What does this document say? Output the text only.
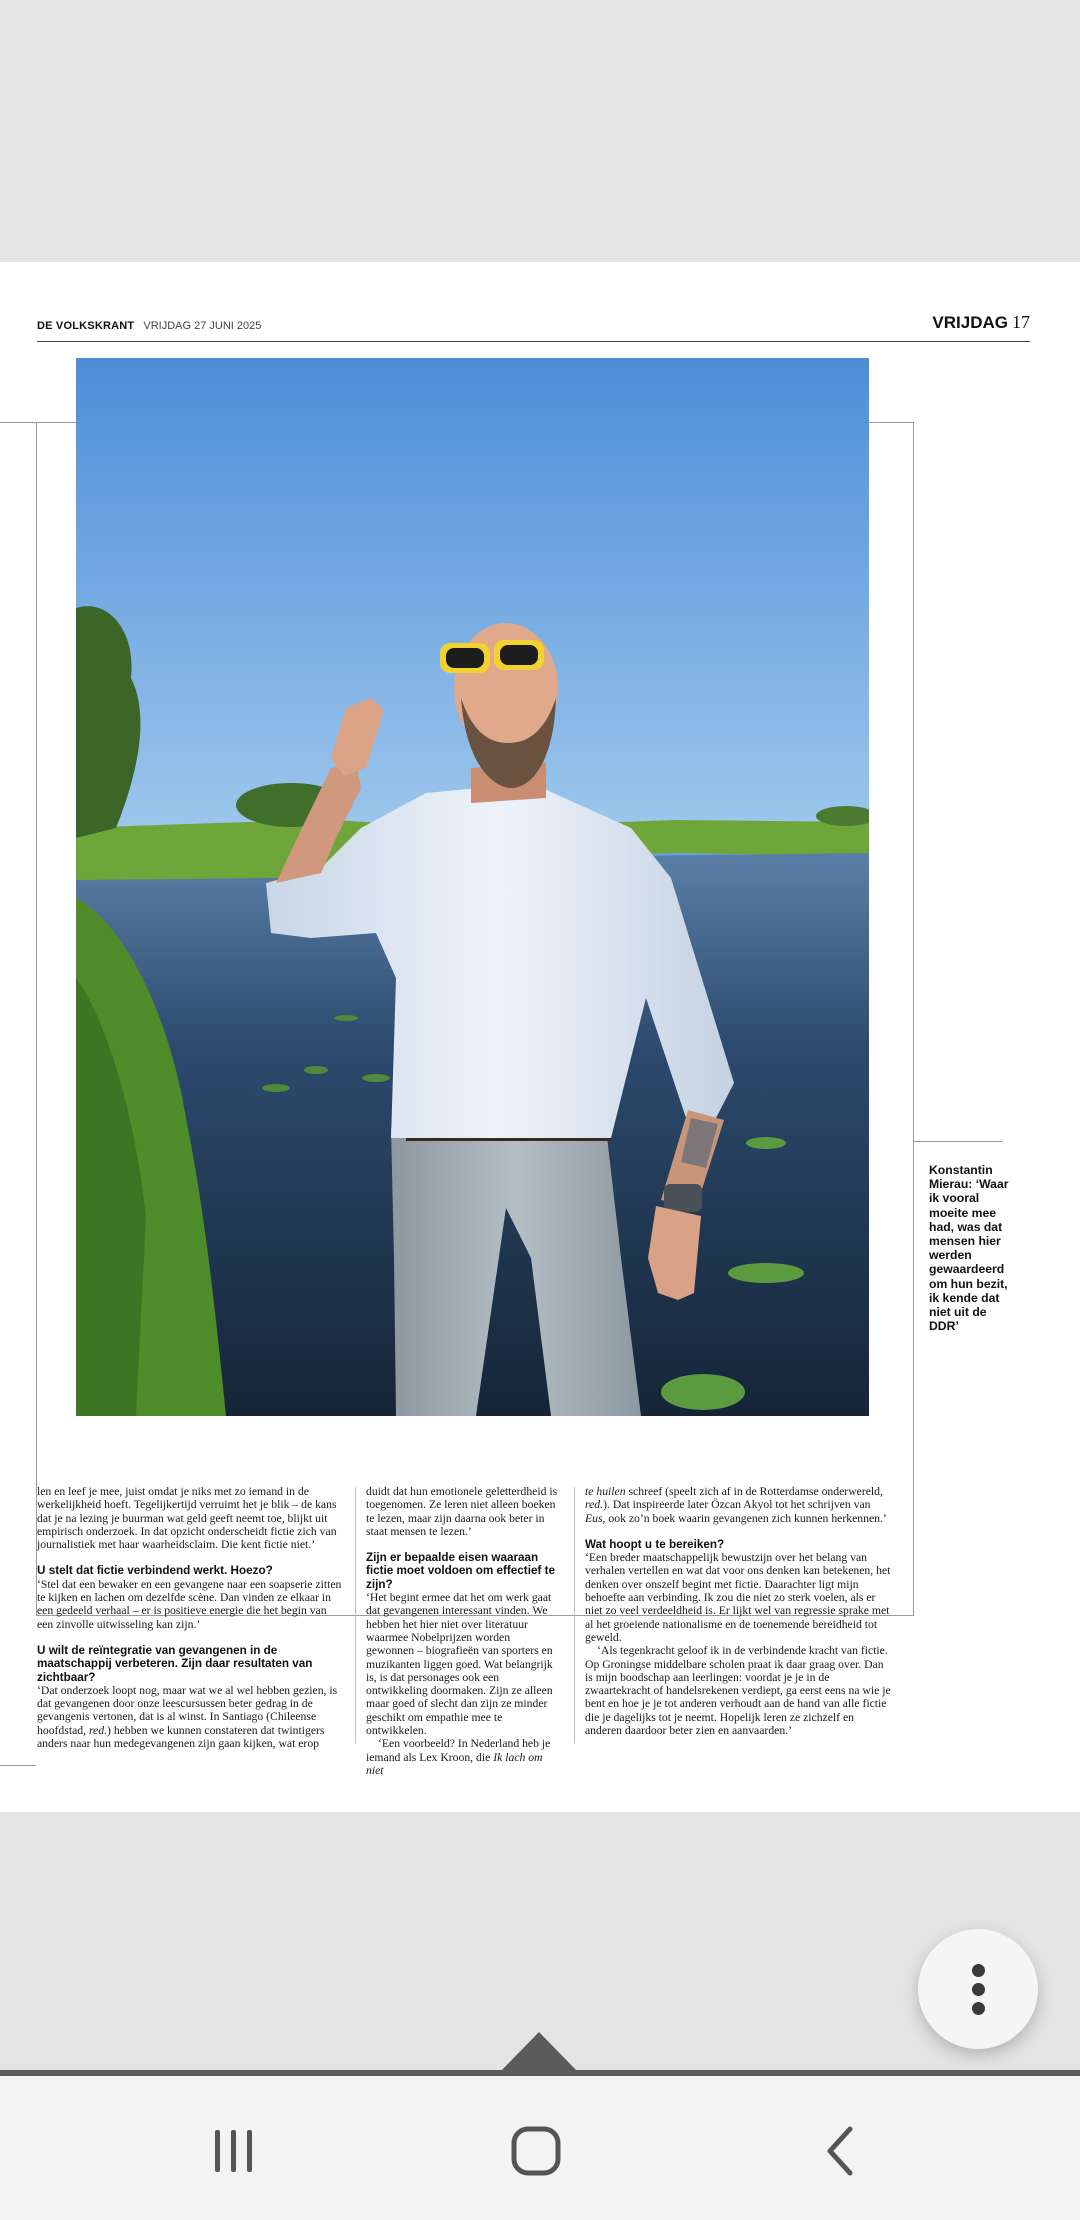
DE VOLKSKRANT VRIJDAG 27 JUNI 2025	VRIJDAG 17
Konstantin Mierau: ‘Waar ik vooral moeite mee had, was dat mensen hier werden gewaardeerd om hun bezit, ik kende dat niet uit de DDR’

len en leef je mee, juist omdat je niks met zo iemand in de werkelijkheid hoeft. Tegelijkertijd verruimt het je blik – de kans dat je na lezing je buurman wat geld geeft neemt toe, blijkt uit empirisch onderzoek. In dat opzicht onderscheidt fictie zich van journalistiek met haar waarheidsclaim. Die kent fictie niet.’

U stelt dat fictie verbindend werkt. Hoezo?

‘Stel dat een bewaker en een gevangene naar een soapserie zitten te kijken en lachen om dezelfde scène. Dan vinden ze elkaar in een gedeeld verhaal – er is positieve energie die het begin van een zinvolle uitwisseling kan zijn.’

U wilt de reïntegratie van gevangenen in de maatschappij verbeteren. Zijn daar resultaten van zichtbaar?

‘Dat onderzoek loopt nog, maar wat we al wel hebben gezien, is dat gevangenen door onze leescursussen beter gedrag in de gevangenis vertonen, dat is al winst. In Santiago (Chileense hoofdstad, red.) hebben we kunnen constateren dat twintigers anders naar hun medegevangenen zijn gaan kijken, wat erop

duidt dat hun emotionele geletterdheid is toegenomen. Ze leren niet alleen boeken te lezen, maar zijn daarna ook beter in staat mensen te lezen.’

Zijn er bepaalde eisen waaraan fictie moet voldoen om effectief te zijn?

‘Het begint ermee dat het om werk gaat dat gevangenen interessant vinden. We hebben het hier niet over literatuur waarmee Nobelprijzen worden gewonnen – biografieën van sporters en muzikanten liggen goed. Wat belangrijk is, is dat personages ook een ontwikkeling doormaken. Zijn ze alleen maar goed of slecht dan zijn ze minder geschikt om empathie mee te ontwikkelen.

‘Een voorbeeld? In Nederland heb je iemand als Lex Kroon, die Ik lach om niet

te huilen schreef (speelt zich af in de Rotterdamse onderwereld, red.). Dat inspireerde later Özcan Akyol tot het schrijven van Eus, ook zo’n boek waarin gevangenen zich kunnen herkennen.’

Wat hoopt u te bereiken?

‘Een breder maatschappelijk bewustzijn over het belang van verhalen vertellen en wat dat voor ons denken kan betekenen, het denken over onszelf begint met fictie. Daarachter ligt mijn behoefte aan verbinding. Ik zou die niet zo sterk voelen, als er niet zo veel verdeeldheid is. Er lijkt wel van regressie sprake met al het groeiende nationalisme en de toenemende bereidheid tot geweld.

‘Als tegenkracht geloof ik in de verbindende kracht van fictie. Op Groningse middelbare scholen praat ik daar graag over. Dan is mijn boodschap aan leerlingen: voordat je je in de zwaartekracht of handelsrekenen verdiept, ga eerst eens na wie je bent en hoe je je tot anderen verhoudt aan de hand van alle fictie die je dagelijks tot je neemt. Hopelijk leren ze zichzelf en anderen daardoor beter zien en aanvaarden.’
